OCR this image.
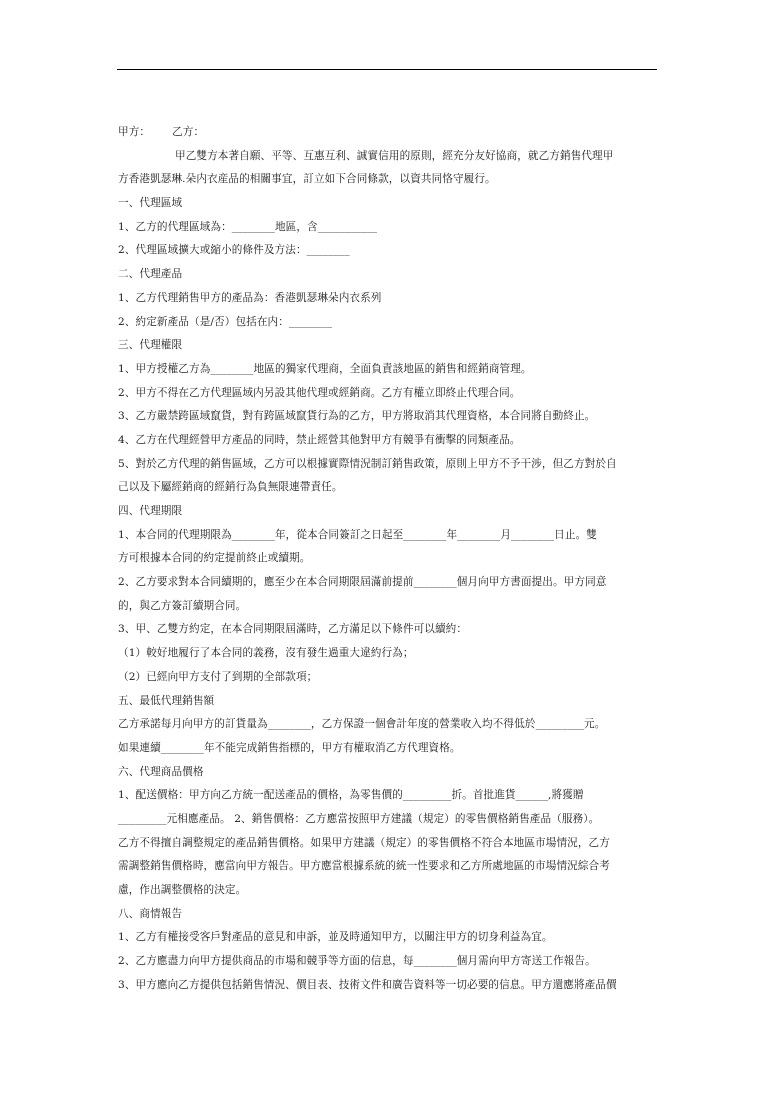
甲方： 乙方：
甲乙雙方本著自願、平等、互惠互利、誠實信用的原則，經充分友好協商，就乙方銷售代理甲
方香港凱瑟琳.朵内衣産品的相關事宜，訂立如下合同條款，以資共同恪守履行。
一、代理區域
1、乙方的代理區域為：________地區，含___________
2、代理區域擴大或縮小的條件及方法：________
二、代理產品
1、乙方代理銷售甲方的產品為：香港凱瑟琳朵内衣系列
2、約定新產品（是/否）包括在内：________
三、代理權限
1、甲方授權乙方為________地區的獨家代理商，全面負責該地區的銷售和經銷商管理。
2、甲方不得在乙方代理區域内另設其他代理或經銷商。乙方有權立即終止代理合同。
3、乙方嚴禁跨區域竄貨，對有跨區域竄貨行為的乙方，甲方將取消其代理資格，本合同將自動終止。
4、乙方在代理經營甲方產品的同時，禁止經營其他對甲方有競爭有衝擊的同類產品。
5、對於乙方代理的銷售區域，乙方可以根據實際情況制訂銷售政策，原則上甲方不予干涉，但乙方對於自
己以及下屬經銷商的經銷行為負無限連帶責任。
四、代理期限
1、本合同的代理期限為________年，從本合同簽訂之日起至________年________月________日止。雙
方可根據本合同的約定提前終止或續期。
2、乙方要求對本合同續期的，應至少在本合同期限屆滿前提前________個月向甲方書面提出。甲方同意
的，與乙方簽訂續期合同。
3、甲、乙雙方約定，在本合同期限屆滿時，乙方滿足以下條件可以續約：
（1）較好地履行了本合同的義務，沒有發生過重大違約行為；
（2）已經向甲方支付了到期的全部款項；
五、最低代理銷售額
乙方承諾每月向甲方的訂貨量為________，乙方保證一個會計年度的營業收入均不得低於_________元。
如果連續________年不能完成銷售指標的，甲方有權取消乙方代理資格。
六、代理商品價格
1、配送價格：甲方向乙方統一配送產品的價格，為零售價的_________折。首批進貨______,將獲贈
_________元相應產品。 2、銷售價格：乙方應當按照甲方建議（規定）的零售價格銷售產品（服務）。
乙方不得擅自調整規定的產品銷售價格。如果甲方建議（規定）的零售價格不符合本地區市場情況，乙方
需調整銷售價格時，應當向甲方報告。甲方應當根據系統的統一性要求和乙方所處地區的市場情況綜合考
慮，作出調整價格的決定。
八、商情報告
1、乙方有權接受客戶對產品的意見和申訴，並及時通知甲方，以關注甲方的切身利益為宜。
2、乙方應盡力向甲方提供商品的市場和競爭等方面的信息，每________個月需向甲方寄送工作報告。
3、甲方應向乙方提供包括銷售情況、價目表、技術文件和廣告資料等一切必要的信息。甲方還應將產品價
